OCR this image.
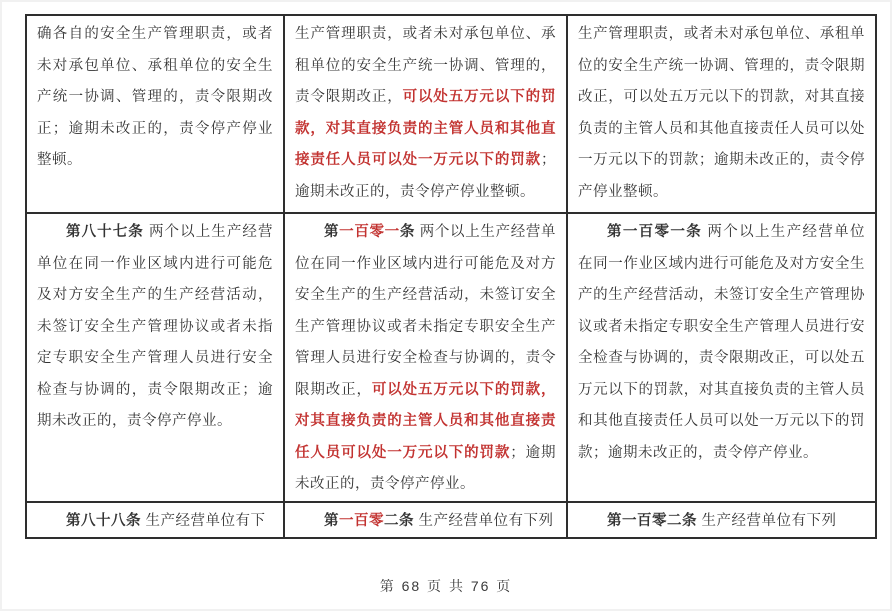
确各自的安全生产管理职责，或者未对承包单位、承租单位的安全生产统一协调、管理的，责令限期改正；逾期未改正的，责令停产停业整顿。	生产管理职责，或者未对承包单位、承租单位的安全生产统一协调、管理的，责令限期改正，可以处五万元以下的罚款，对其直接负责的主管人员和其他直接责任人员可以处一万元以下的罚款；逾期未改正的，责令停产停业整顿。	生产管理职责，或者未对承包单位、承租单位的安全生产统一协调、管理的，责令限期改正，可以处五万元以下的罚款，对其直接负责的主管人员和其他直接责任人员可以处一万元以下的罚款；逾期未改正的，责令停产停业整顿。

第八十七条 两个以上生产经营单位在同一作业区域内进行可能危及对方安全生产的生产经营活动，未签订安全生产管理协议或者未指定专职安全生产管理人员进行安全检查与协调的，责令限期改正；逾期未改正的，责令停产停业。	第一百零一条 两个以上生产经营单位在同一作业区域内进行可能危及对方安全生产的生产经营活动，未签订安全生产管理协议或者未指定专职安全生产管理人员进行安全检查与协调的，责令限期改正，可以处五万元以下的罚款，对其直接负责的主管人员和其他直接责任人员可以处一万元以下的罚款；逾期未改正的，责令停产停业。	第一百零一条 两个以上生产经营单位在同一作业区域内进行可能危及对方安全生产的生产经营活动，未签订安全生产管理协议或者未指定专职安全生产管理人员进行安全检查与协调的，责令限期改正，可以处五万元以下的罚款，对其直接负责的主管人员和其他直接责任人员可以处一万元以下的罚款；逾期未改正的，责令停产停业。

第八十八条 生产经营单位有下	第一百零二条 生产经营单位有下列	第一百零二条 生产经营单位有下列

第 68 页 共 76 页
